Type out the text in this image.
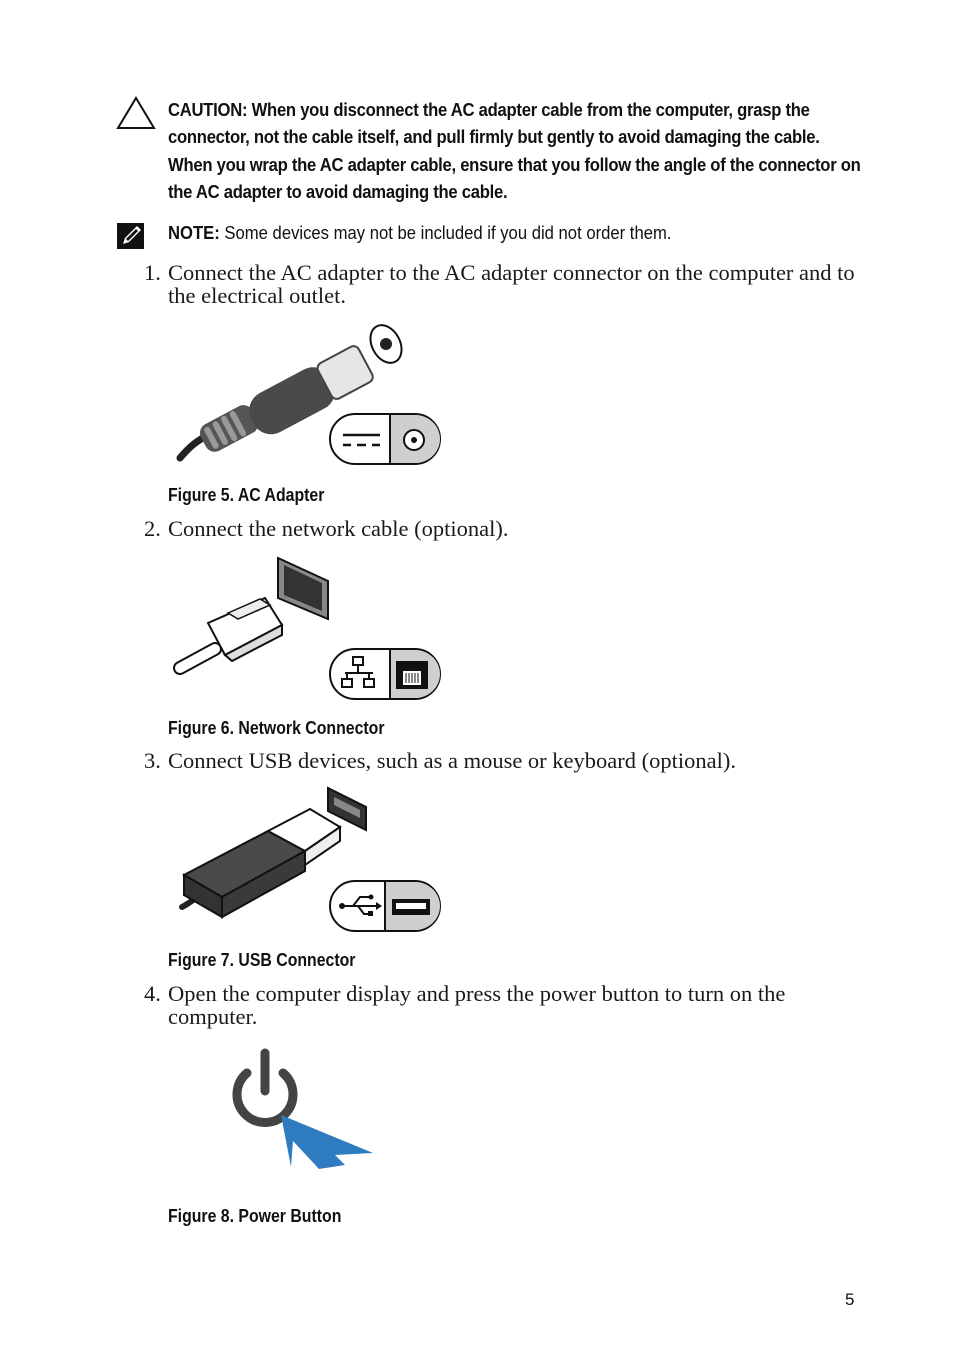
CAUTION: When you disconnect the AC adapter cable from the computer, grasp the connector, not the cable itself, and pull firmly but gently to avoid damaging the cable. When you wrap the AC adapter cable, ensure that you follow the angle of the connector on the AC adapter to avoid damaging the cable.
NOTE: Some devices may not be included if you did not order them.
1. Connect the AC adapter to the AC adapter connector on the computer and to the electrical outlet.
Figure 5. AC Adapter
2. Connect the network cable (optional).
Figure 6. Network Connector
3. Connect USB devices, such as a mouse or keyboard (optional).
Figure 7. USB Connector
4. Open the computer display and press the power button to turn on the computer.
Figure 8. Power Button
5
